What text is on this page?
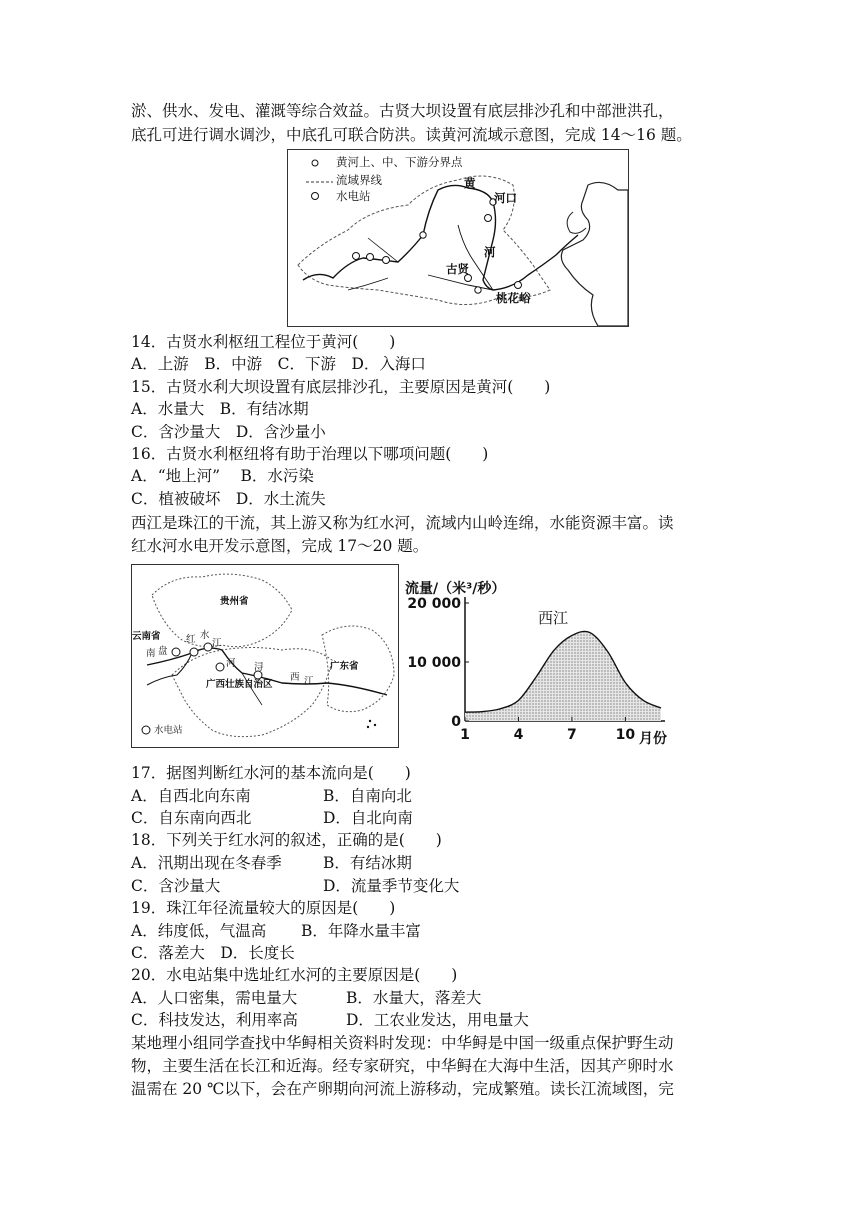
淤、供水、发电、灌溉等综合效益。古贤大坝设置有底层排沙孔和中部泄洪孔，
底孔可进行调水调沙，中底孔可联合防洪。读黄河流域示意图，完成 14～16 题。
黄河上、中、下游分界点
流域界线
水电站
黄
河口
河
古贤
桃花峪
14．古贤水利枢纽工程位于黄河(　　)
A．上游　B．中游　C．下游　D．入海口
15．古贤水利大坝设置有底层排沙孔，主要原因是黄河(　　)
A．水量大　B．有结冰期
C．含沙量大　D．含沙量小
16．古贤水利枢纽将有助于治理以下哪项问题(　　)
A．“地上河”　 B．水污染
C．植被破坏　D．水土流失
西江是珠江的干流，其上游又称为红水河，流域内山岭连绵，水能资源丰富。读
红水河水电开发示意图，完成 17～20 题。
贵州省
云南省
广西壮族自治区
广东省
红 水
江
南 盘
河 浔
西 江
水电站
流量/（米³/秒）
西江
月份
1	4	7	10
0
10 000
20 000
17．据图判断红水河的基本流向是(　　)
A．自西北向东南	B．自南向北
C．自东南向西北	D．自北向南
18．下列关于红水河的叙述，正确的是(　　)
A．汛期出现在冬春季	B．有结冰期
C．含沙量大	D．流量季节变化大
19．珠江年径流量较大的原因是(　　)
A．纬度低，气温高 B．年降水量丰富
C．落差大　D．长度长
20．水电站集中选址红水河的主要原因是(　　)
A．人口密集，需电量大	B．水量大，落差大
C．科技发达，利用率高	D．工农业发达，用电量大
某地理小组同学查找中华鲟相关资料时发现：中华鲟是中国一级重点保护野生动
物，主要生活在长江和近海。经专家研究，中华鲟在大海中生活，因其产卵时水
温需在 20 ℃以下，会在产卵期向河流上游移动，完成繁殖。读长江流域图，完
